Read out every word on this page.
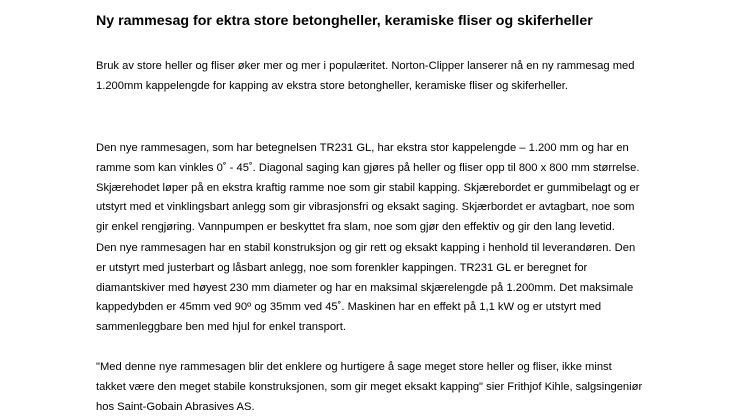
Ny rammesag for ektra store betongheller, keramiske fliser og skiferheller
Bruk av store heller og fliser øker mer og mer i populæritet. Norton-Clipper lanserer nå en ny rammesag med
1.200mm kappelengde for kapping av ekstra store betongheller, keramiske fliser og skiferheller.
Den nye rammesagen, som har betegnelsen TR231 GL, har ekstra stor kappelengde – 1.200 mm og har en
ramme som kan vinkles 0˚ - 45˚. Diagonal saging kan gjøres på heller og fliser opp til 800 x 800 mm størrelse.
Skjærehodet løper på en ekstra kraftig ramme noe som gir stabil kapping. Skjærebordet er gummibelagt og er
utstyrt med et vinklingsbart anlegg som gir vibrasjonsfri og eksakt saging. Skjærbordet er avtagbart, noe som
gir enkel rengjøring. Vannpumpen er beskyttet fra slam, noe som gjør den effektiv og gir den lang levetid.
Den nye rammesagen har en stabil konstruksjon og gir rett og eksakt kapping i henhold til leverandøren. Den
er utstyrt med justerbart og låsbart anlegg, noe som forenkler kappingen. TR231 GL er beregnet for
diamantskiver med høyest 230 mm diameter og har en maksimal skjærelengde på 1.200mm. Det maksimale
kappedybden er 45mm ved 90º og 35mm ved 45˚. Maskinen har en effekt på 1,1 kW og er utstyrt med
sammenleggbare ben med hjul for enkel transport.
"Med denne nye rammesagen blir det enklere og hurtigere å sage meget store heller og fliser, ikke minst
takket være den meget stabile konstruksjonen, som gir meget eksakt kapping" sier Frithjof Kihle, salgsingeniør
hos Saint-Gobain Abrasives AS.
